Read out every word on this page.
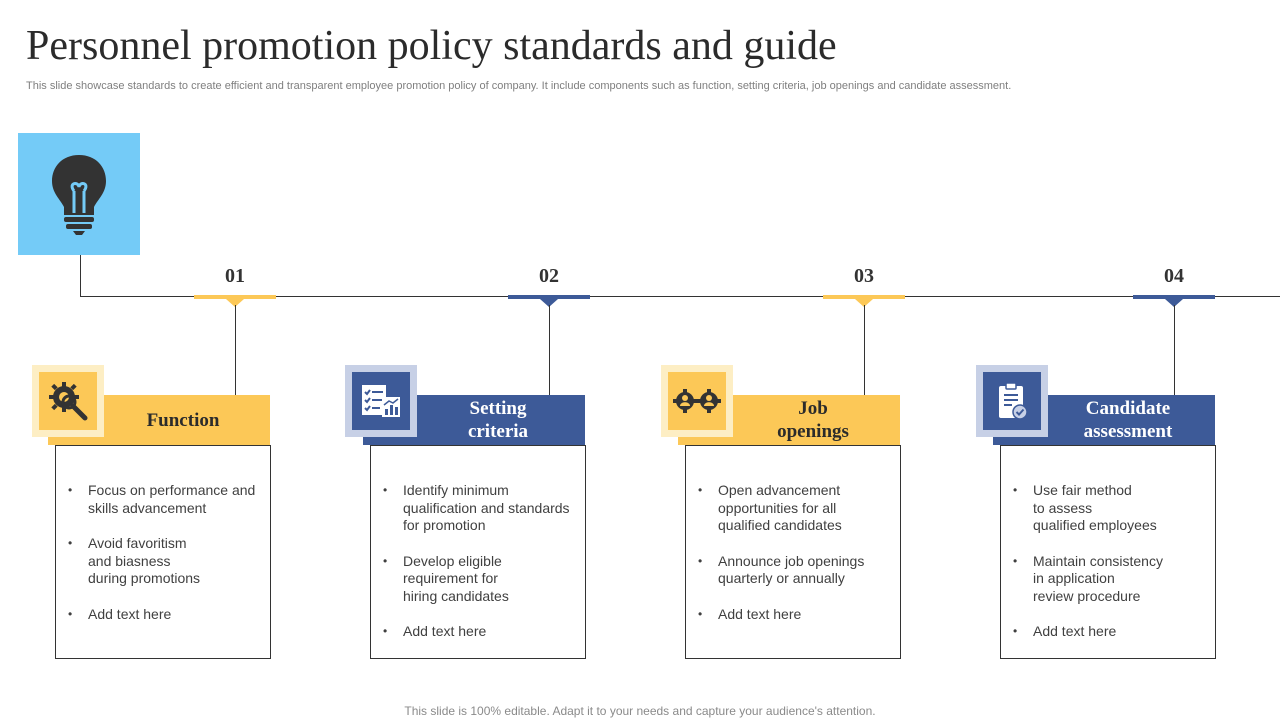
Personnel promotion policy standards and guide
This slide showcase standards to create efficient and transparent employee promotion policy of company. It include components such as function, setting criteria, job openings and candidate assessment.
01	02	03	04
Function
Setting
criteria
Job
openings
Candidate
assessment
• Focus on performance and
skills advancement
• Avoid favoritism
and biasness
during promotions
• Add text here
• Identify minimum
qualification and standards
for promotion
• Develop eligible
requirement for
hiring candidates
• Add text here
• Open advancement
opportunities for all
qualified candidates
• Announce job openings
quarterly or annually
• Add text here
• Use fair method
to assess
qualified employees
• Maintain consistency
in application
review procedure
• Add text here
This slide is 100% editable. Adapt it to your needs and capture your audience's attention.
